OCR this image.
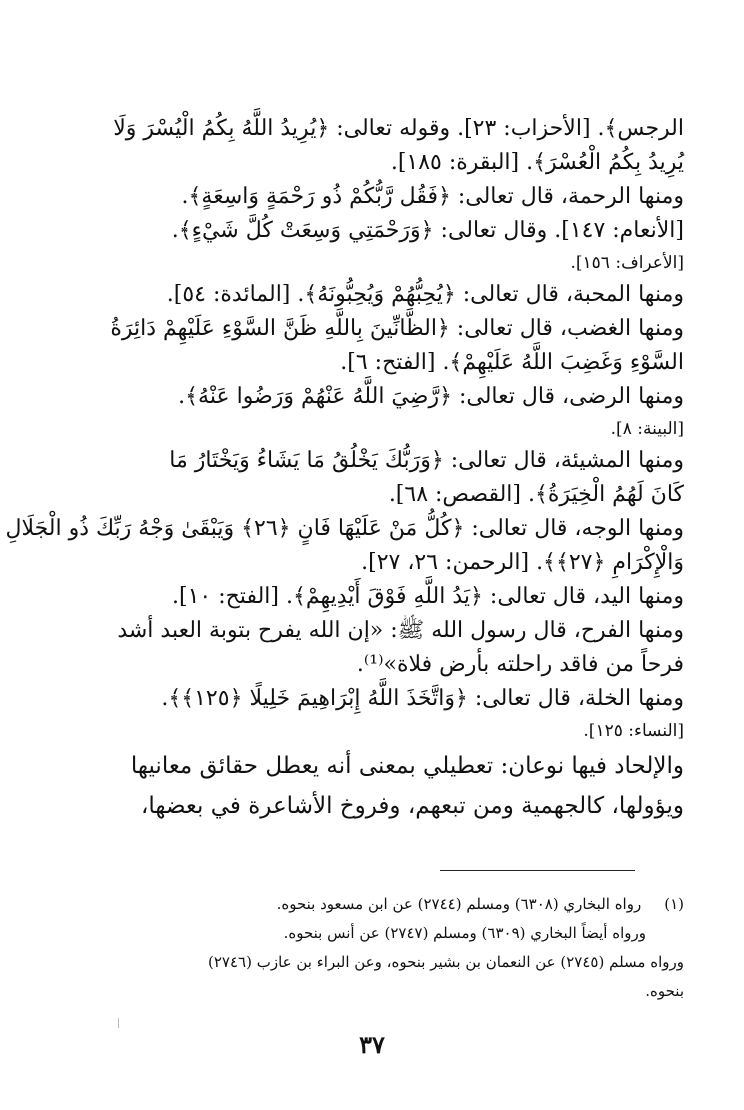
الرجس﴾. [الأحزاب: ٢٣]. وقوله تعالى: ﴿يُرِيدُ اللَّهُ بِكُمُ الْيُسْرَ وَلَا
يُرِيدُ بِكُمُ الْعُسْرَ﴾. [البقرة: ١٨٥].
ومنها الرحمة، قال تعالى: ﴿فَقُل رَّبُّكُمْ ذُو رَحْمَةٍ وَاسِعَةٍ﴾.
[الأنعام: ١٤٧]. وقال تعالى: ﴿وَرَحْمَتِي وَسِعَتْ كُلَّ شَيْءٍ﴾.
[الأعراف: ١٥٦].
ومنها المحبة، قال تعالى: ﴿يُحِبُّهُمْ وَيُحِبُّونَهُ﴾. [المائدة: ٥٤].
ومنها الغضب، قال تعالى: ﴿الظَّانِّينَ بِاللَّهِ ظَنَّ السَّوْءِ عَلَيْهِمْ دَائِرَةُ
السَّوْءِ وَغَضِبَ اللَّهُ عَلَيْهِمْ﴾. [الفتح: ٦].
ومنها الرضى، قال تعالى: ﴿رَّضِيَ اللَّهُ عَنْهُمْ وَرَضُوا عَنْهُ﴾.
[البينة: ٨].
ومنها المشيئة، قال تعالى: ﴿وَرَبُّكَ يَخْلُقُ مَا يَشَاءُ وَيَخْتَارُ مَا
كَانَ لَهُمُ الْخِيَرَةُ﴾. [القصص: ٦٨].
ومنها الوجه، قال تعالى: ﴿كُلُّ مَنْ عَلَيْهَا فَانٍ ﴿٢٦﴾ وَيَبْقَىٰ وَجْهُ رَبِّكَ ذُو الْجَلَالِ
وَالْإِكْرَامِ ﴿٢٧﴾﴾. [الرحمن: ٢٦، ٢٧].
ومنها اليد، قال تعالى: ﴿يَدُ اللَّهِ فَوْقَ أَيْدِيهِمْ﴾. [الفتح: ١٠].
ومنها الفرح، قال رسول الله ﷺ: «إن الله يفرح بتوبة العبد أشد
فرحاً من فاقد راحلته بأرض فلاة»⁽¹⁾.
ومنها الخلة، قال تعالى: ﴿وَاتَّخَذَ اللَّهُ إِبْرَاهِيمَ خَلِيلًا ﴿١٢٥﴾﴾.
[النساء: ١٢٥].
والإلحاد فيها نوعان: تعطيلي بمعنى أنه يعطل حقائق معانيها
ويؤولها، كالجهمية ومن تبعهم، وفروخ الأشاعرة في بعضها،
(١) رواه البخاري (٦٣٠٨) ومسلم (٢٧٤٤) عن ابن مسعود بنحوه.
ورواه أيضاً البخاري (٦٣٠٩) ومسلم (٢٧٤٧) عن أنس بنحوه.
ورواه مسلم (٢٧٤٥) عن النعمان بن بشير بنحوه، وعن البراء بن عازب (٢٧٤٦)
بنحوه.
٣٧
